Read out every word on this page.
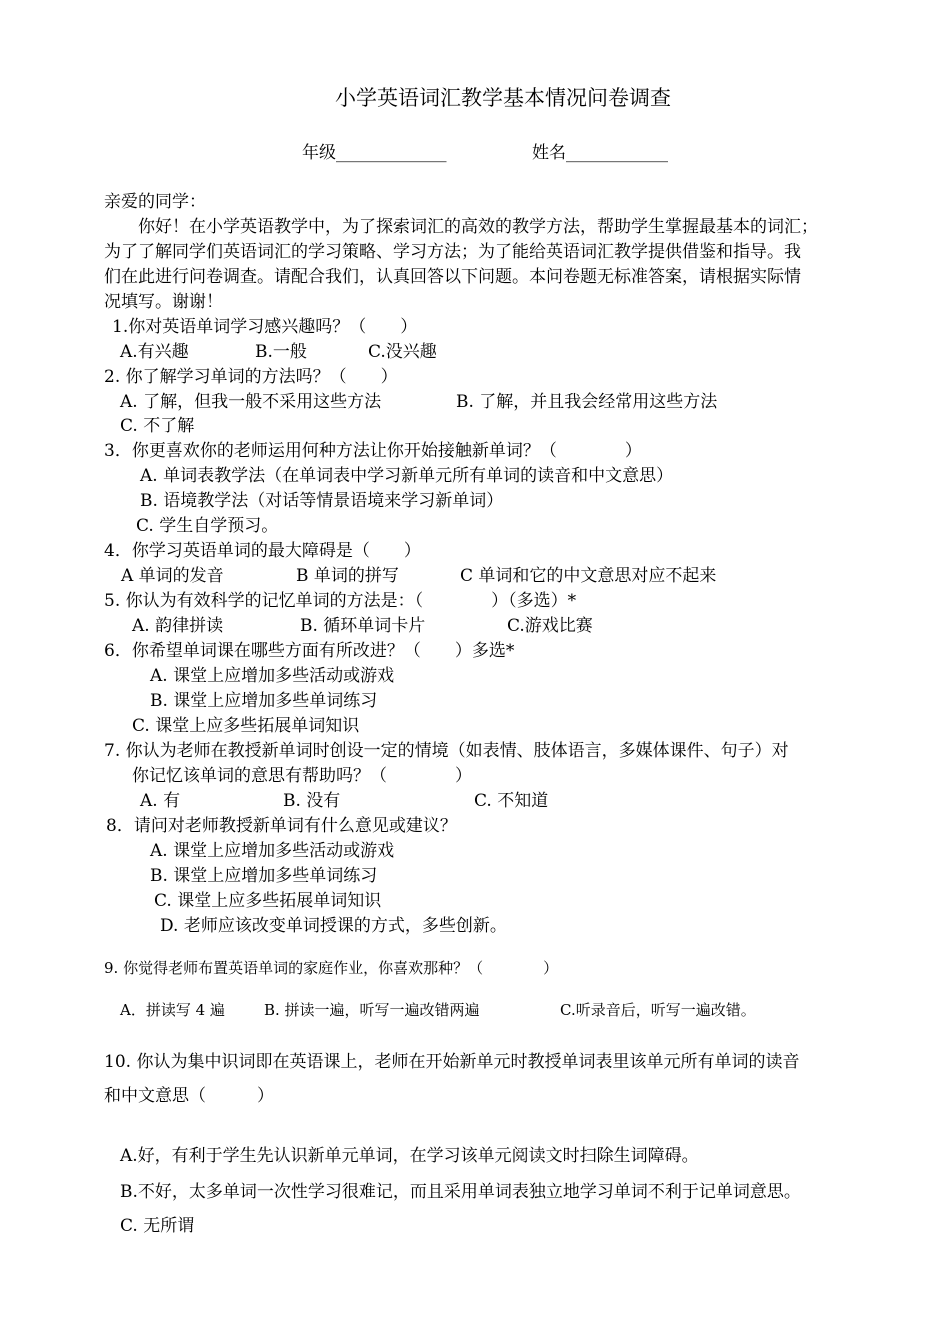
小学英语词汇教学基本情况问卷调查
年级_____________	姓名____________
亲爱的同学：
你好！在小学英语教学中，为了探索词汇的高效的教学方法，帮助学生掌握最基本的词汇；
为了了解同学们英语词汇的学习策略、学习方法；为了能给英语词汇教学提供借鉴和指导。我
们在此进行问卷调查。请配合我们，认真回答以下问题。本问卷题无标准答案，请根据实际情
况填写。谢谢！
1.你对英语单词学习感兴趣吗？（　　）
A.有兴趣	B.一般	C.没兴趣
2. 你了解学习单词的方法吗？（　　）
A. 了解，但我一般不采用这些方法	B. 了解，并且我会经常用这些方法
C. 不了解
3．你更喜欢你的老师运用何种方法让你开始接触新单词？（　　　　）
A. 单词表教学法（在单词表中学习新单元所有单词的读音和中文意思）
B. 语境教学法（对话等情景语境来学习新单词）
C. 学生自学预习。
4．你学习英语单词的最大障碍是（　　）
A 单词的发音	B 单词的拼写	C 单词和它的中文意思对应不起来
5. 你认为有效科学的记忆单词的方法是：（　　　　）（多选）*
A. 韵律拼读	B. 循环单词卡片	C.游戏比赛
6．你希望单词课在哪些方面有所改进？（　　）多选*
A. 课堂上应增加多些活动或游戏
B. 课堂上应增加多些单词练习
C. 课堂上应多些拓展单词知识
7. 你认为老师在教授新单词时创设一定的情境（如表情、肢体语言，多媒体课件、句子）对
你记忆该单词的意思有帮助吗？（　　　　）
A. 有	B. 没有	C. 不知道
8．请问对老师教授新单词有什么意见或建议？
A. 课堂上应增加多些活动或游戏
B. 课堂上应增加多些单词练习
C. 课堂上应多些拓展单词知识
D. 老师应该改变单词授课的方式，多些创新。
9. 你觉得老师布置英语单词的家庭作业，你喜欢那种？（　　　　）
A．拼读写 4 遍	B. 拼读一遍，听写一遍改错两遍	C.听录音后，听写一遍改错。
10. 你认为集中识词即在英语课上，老师在开始新单元时教授单词表里该单元所有单词的读音
和中文意思（　　　）
A.好，有利于学生先认识新单元单词，在学习该单元阅读文时扫除生词障碍。
B.不好，太多单词一次性学习很难记，而且采用单词表独立地学习单词不利于记单词意思。
C. 无所谓
